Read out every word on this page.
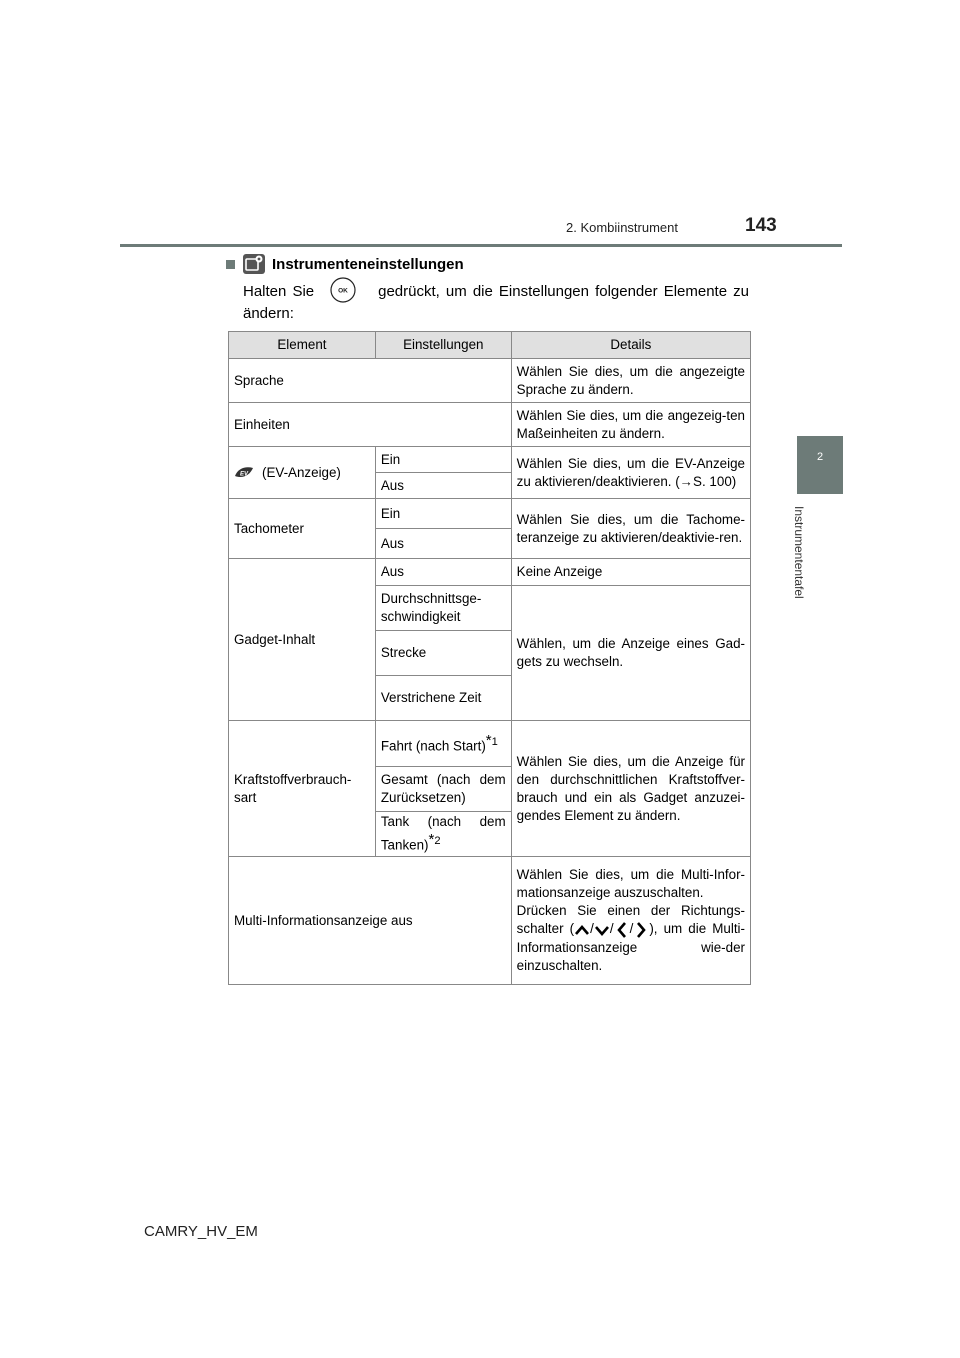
2. Kombiinstrument	143
2
Instrumententafel
Instrumenteneinstellungen
Halten Sie	OK gedrückt, um die Einstellungen folgender Elemente zu ändern:
Element	Einstellungen	Details
Sprache		Wählen Sie dies, um die angezeigte Sprache zu ändern.
Einheiten		Wählen Sie dies, um die angezeig-ten Maßeinheiten zu ändern.

EV (EV-Anzeige)	Ein	Wählen Sie dies, um die EV-Anzeige zu aktivieren/deaktivieren. (→S. 100)
	Aus	
Tachometer	Ein	Wählen Sie dies, um die Tachome-teranzeige zu aktivieren/deaktivie-ren.
	Aus	
Gadget-Inhalt	Aus	Keine Anzeige
	Durchschnittsge-schwindigkeit	Wählen, um die Anzeige eines Gad-gets zu wechseln.
	Strecke	
	Verstrichene Zeit	
Kraftstoffverbrauch-sart	Fahrt (nach Start)$^{*1}$	Wählen Sie dies, um die Anzeige für den durchschnittlichen Kraftstoffver-brauch und ein als Gadget anzuzei-gendes Element zu ändern.
	Gesamt (nach dem Zurücksetzen)	
	Tank (nach dem Tanken)$^{*2}$
Multi-Informationsanzeige aus		Wählen Sie dies, um die Multi-Infor-mationsanzeige auszuschalten.
Drücken Sie einen der Richtungs-schalter ( / / / ), um die Multi-Informationsanzeige wie-der einzuschalten.
CAMRY_HV_EM
